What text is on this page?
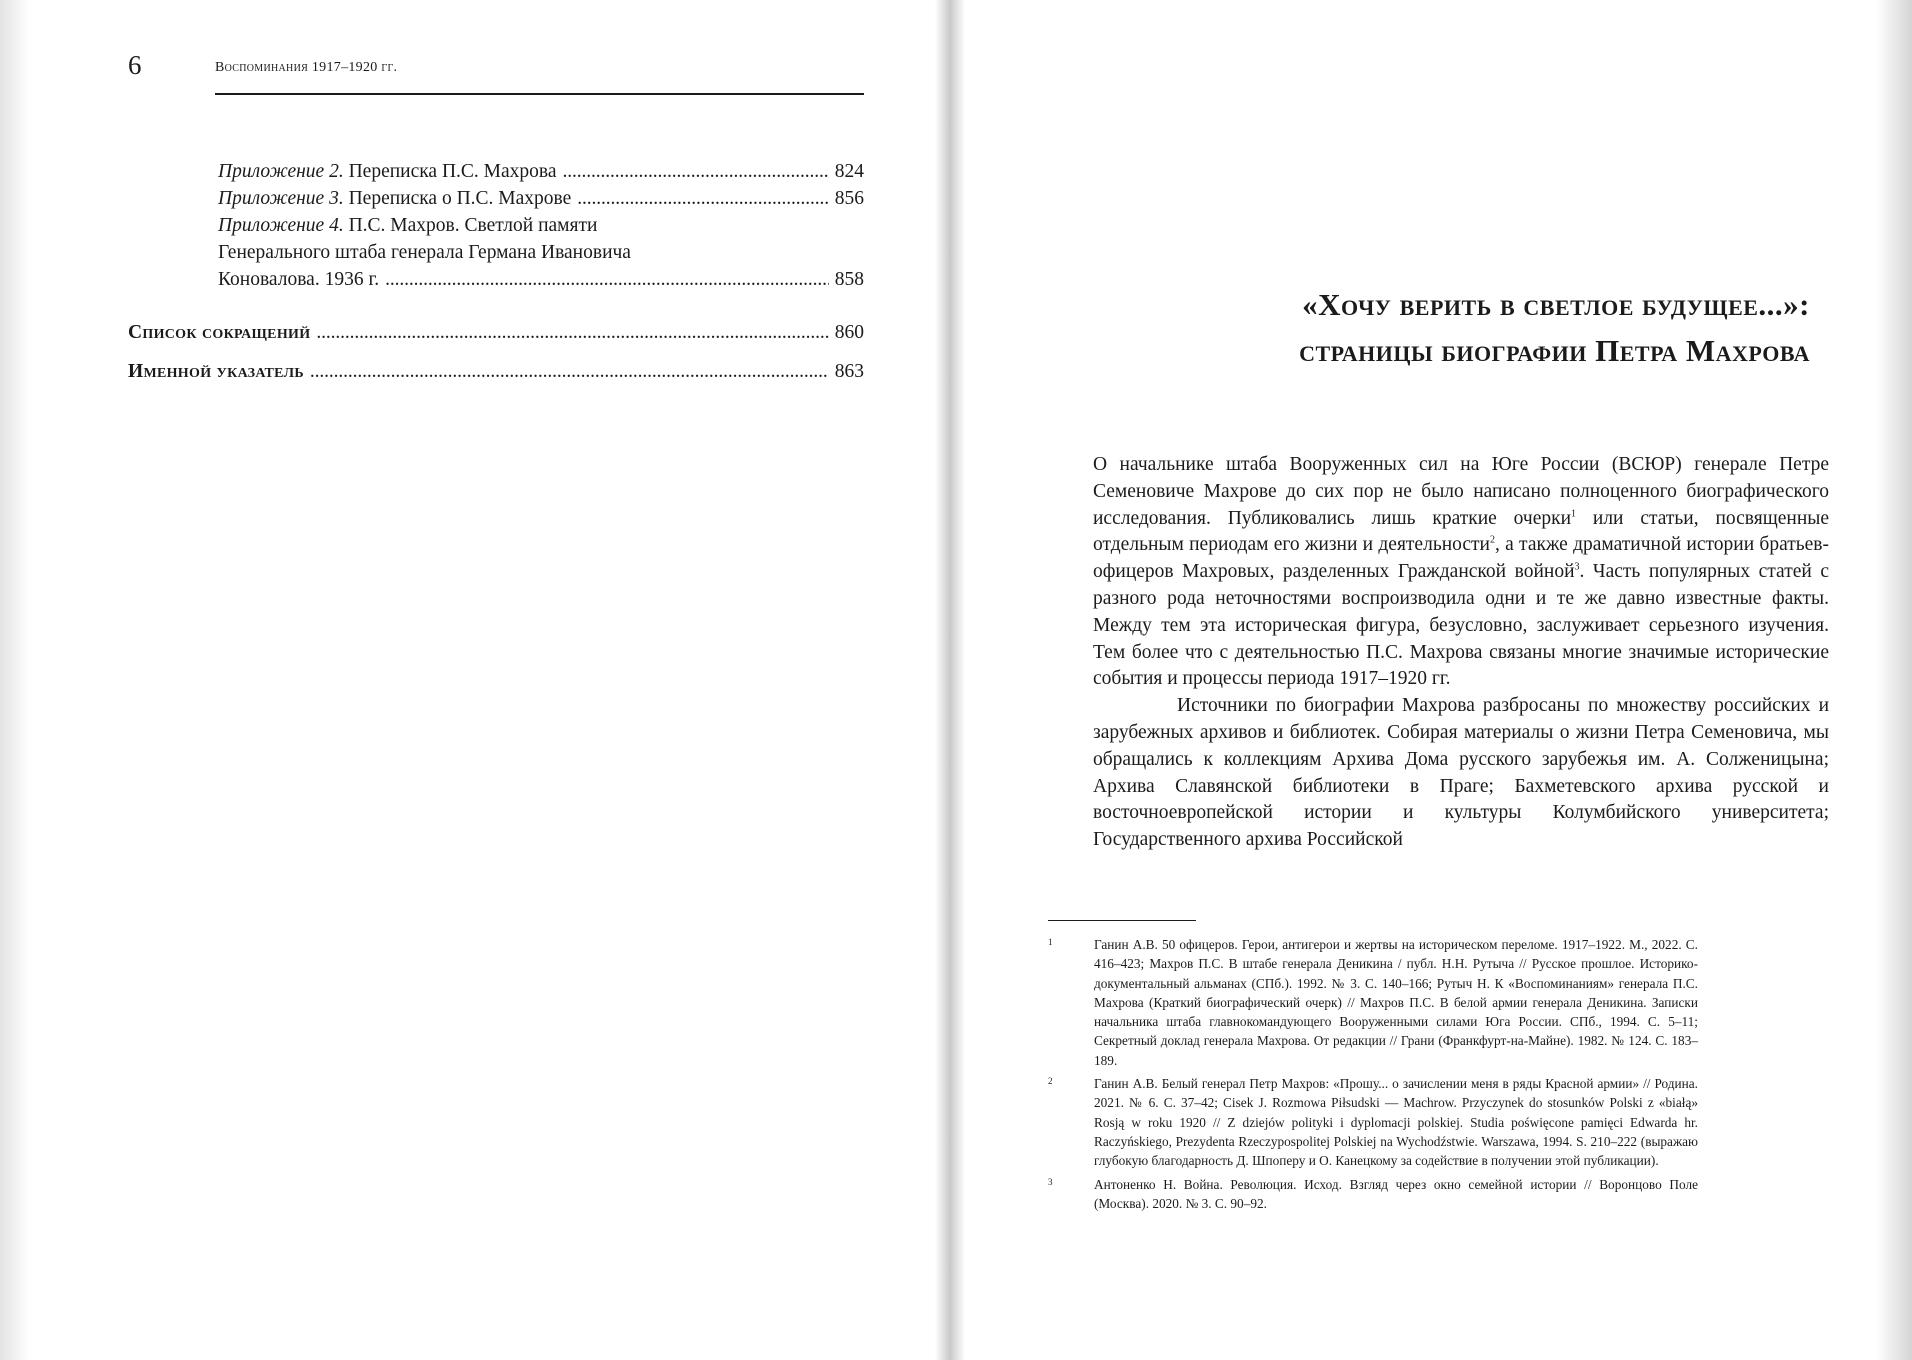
6	Воспоминания 1917–1920 гг.
Приложение 2. Переписка П.С. Махрова . . .	824
Приложение 3. Переписка о П.С. Махрове . . .	856
Приложение 4. П.С. Махров. Светлой памяти
Генерального штаба генерала Германа Ивановича
Коновалова. 1936 г. . . .	858
Список сокращений . . .	860
Именной указатель . . .	863
«Хочу верить в светлое будущее...»:
страницы биографии Петра Махрова

О начальнике штаба Вооруженных сил на Юге России (ВСЮР) генерале Петре Семеновиче Махрове до сих пор не было написано полноценного биографического исследования. Публиковались лишь краткие очерки$^1$ или статьи, посвященные отдельным периодам его жизни и деятельности$^2$, а также драматичной истории братьев-офицеров Махровых, разделенных Гражданской войной$^3$. Часть популярных статей с разного рода неточностями воспроизводила одни и те же давно известные факты. Между тем эта историческая фигура, безусловно, заслуживает серьезного изучения. Тем более что с деятельностью П.С. Махрова связаны многие значимые исторические события и процессы периода 1917–1920 гг.

Источники по биографии Махрова разбросаны по множеству российских и зарубежных архивов и библиотек. Собирая материалы о жизни Петра Семеновича, мы обращались к коллекциям Архива Дома русского зарубежья им. А. Солженицына; Архива Славянской библиотеки в Праге; Бахметевского архива русской и восточноевропейской истории и культуры Колумбийского университета; Государственного архива Российской

1	Ганин А.В. 50 офицеров. Герои, антигерои и жертвы на историческом переломе. 1917–1922. М., 2022. С. 416–423; Махров П.С. В штабе генерала Деникина / публ. Н.Н. Рутыча // Русское прошлое. Историко-документальный альманах (СПб.). 1992. № 3. С. 140–166; Рутыч Н. К «Воспоминаниям» генерала П.С. Махрова (Краткий биографический очерк) // Махров П.С. В белой армии генерала Деникина. Записки начальника штаба главнокомандующего Вооруженными силами Юга России. СПб., 1994. С. 5–11; Секретный доклад генерала Махрова. От редакции // Грани (Франкфурт-на-Майне). 1982. № 124. С. 183–189.
2	Ганин А.В. Белый генерал Петр Махров: «Прошу... о зачислении меня в ряды Красной армии» // Родина. 2021. № 6. С. 37–42; Cisek J. Rozmowa Piłsudski — Machrow. Przyczynek do stosunków Polski z «białą» Rosją w roku 1920 // Z dziejów polityki i dyplomacji polskiej. Studia poświęcone pamięci Edwarda hr. Raczyńskiego, Prezydenta Rzeczypospolitej Polskiej na Wychodźstwie. Warszawa, 1994. S. 210–222 (выражаю глубокую благодарность Д. Шпоперу и О. Канецкому за содействие в получении этой публикации).
3	Антоненко Н. Война. Революция. Исход. Взгляд через окно семейной истории // Воронцово Поле (Москва). 2020. № 3. С. 90–92.
